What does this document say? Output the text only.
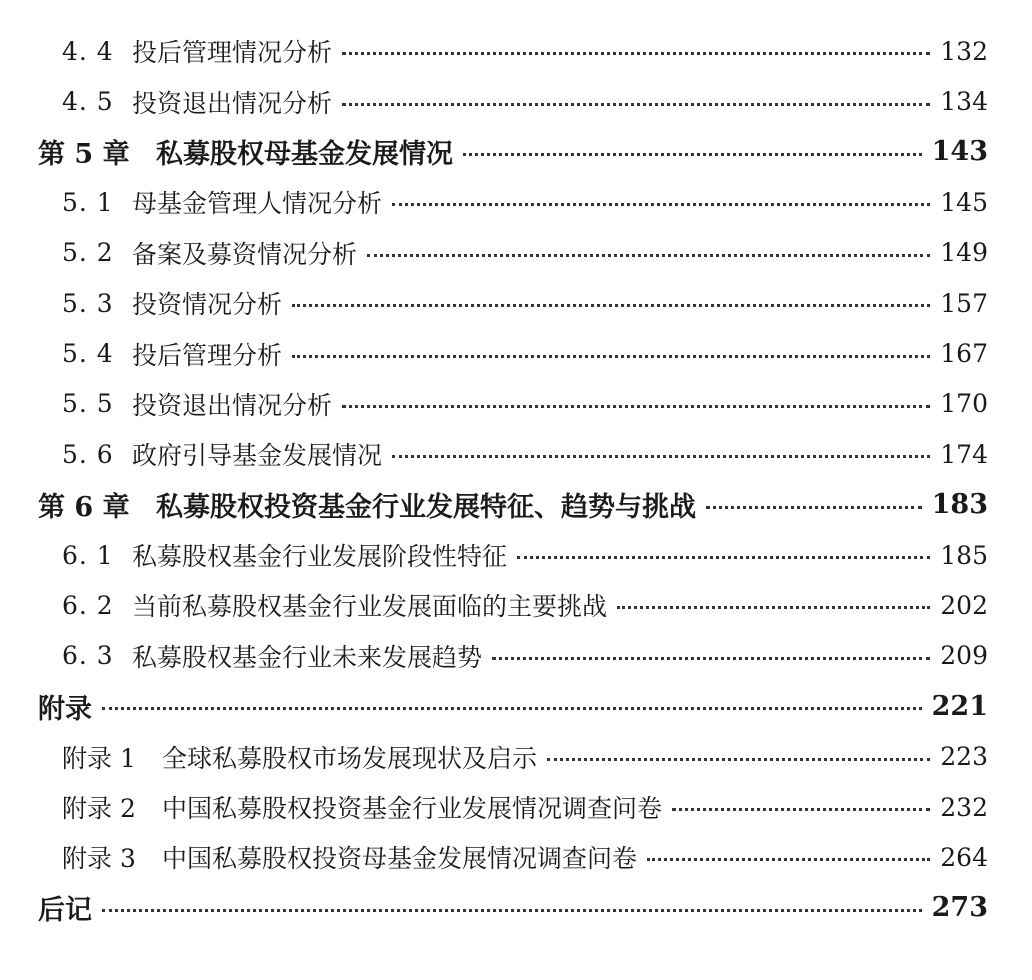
4. 4 投后管理情况分析	132
4. 5 投资退出情况分析	134
第 5 章 私募股权母基金发展情况	143
5. 1 母基金管理人情况分析	145
5. 2 备案及募资情况分析	149
5. 3 投资情况分析	157
5. 4 投后管理分析	167
5. 5 投资退出情况分析	170
5. 6 政府引导基金发展情况	174
第 6 章 私募股权投资基金行业发展特征、趋势与挑战	183
6. 1 私募股权基金行业发展阶段性特征	185
6. 2 当前私募股权基金行业发展面临的主要挑战	202
6. 3 私募股权基金行业未来发展趋势	209
附录	221
附录 1	全球私募股权市场发展现状及启示	223
附录 2	中国私募股权投资基金行业发展情况调查问卷	232
附录 3	中国私募股权投资母基金发展情况调查问卷	264
后记	273
